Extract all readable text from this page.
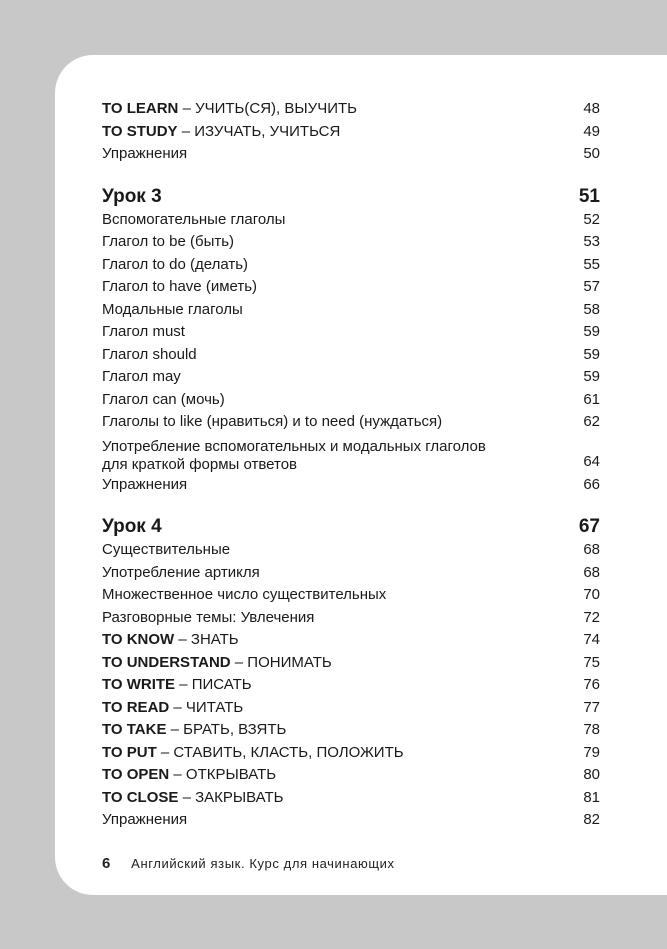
TO LEARN – УЧИТЬ(СЯ), ВЫУЧИТЬ	48
TO STUDY – ИЗУЧАТЬ, УЧИТЬСЯ	49
Упражнения	50
Урок 3	51
Вспомогательные глаголы	52
Глагол to be (быть)	53
Глагол to do (делать)	55
Глагол to have (иметь)	57
Модальные глаголы	58
Глагол must	59
Глагол should	59
Глагол may	59
Глагол can (мочь)	61
Глаголы to like (нравиться) и to need (нуждаться)	62
Употребление вспомогательных и модальных глаголов
для краткой формы ответов	64
Упражнения	66
Урок 4	67
Существительные	68
Употребление артикля	68
Множественное число существительных	70
Разговорные темы: Увлечения	72
TO KNOW – ЗНАТЬ	74
TO UNDERSTAND – ПОНИМАТЬ	75
TO WRITE – ПИСАТЬ	76
TO READ – ЧИТАТЬ	77
TO TAKE – БРАТЬ, ВЗЯТЬ	78
TO PUT – СТАВИТЬ, КЛАСТЬ, ПОЛОЖИТЬ	79
TO OPEN – ОТКРЫВАТЬ	80
TO CLOSE – ЗАКРЫВАТЬ	81
Упражнения	82
6 Английский язык. Курс для начинающих
